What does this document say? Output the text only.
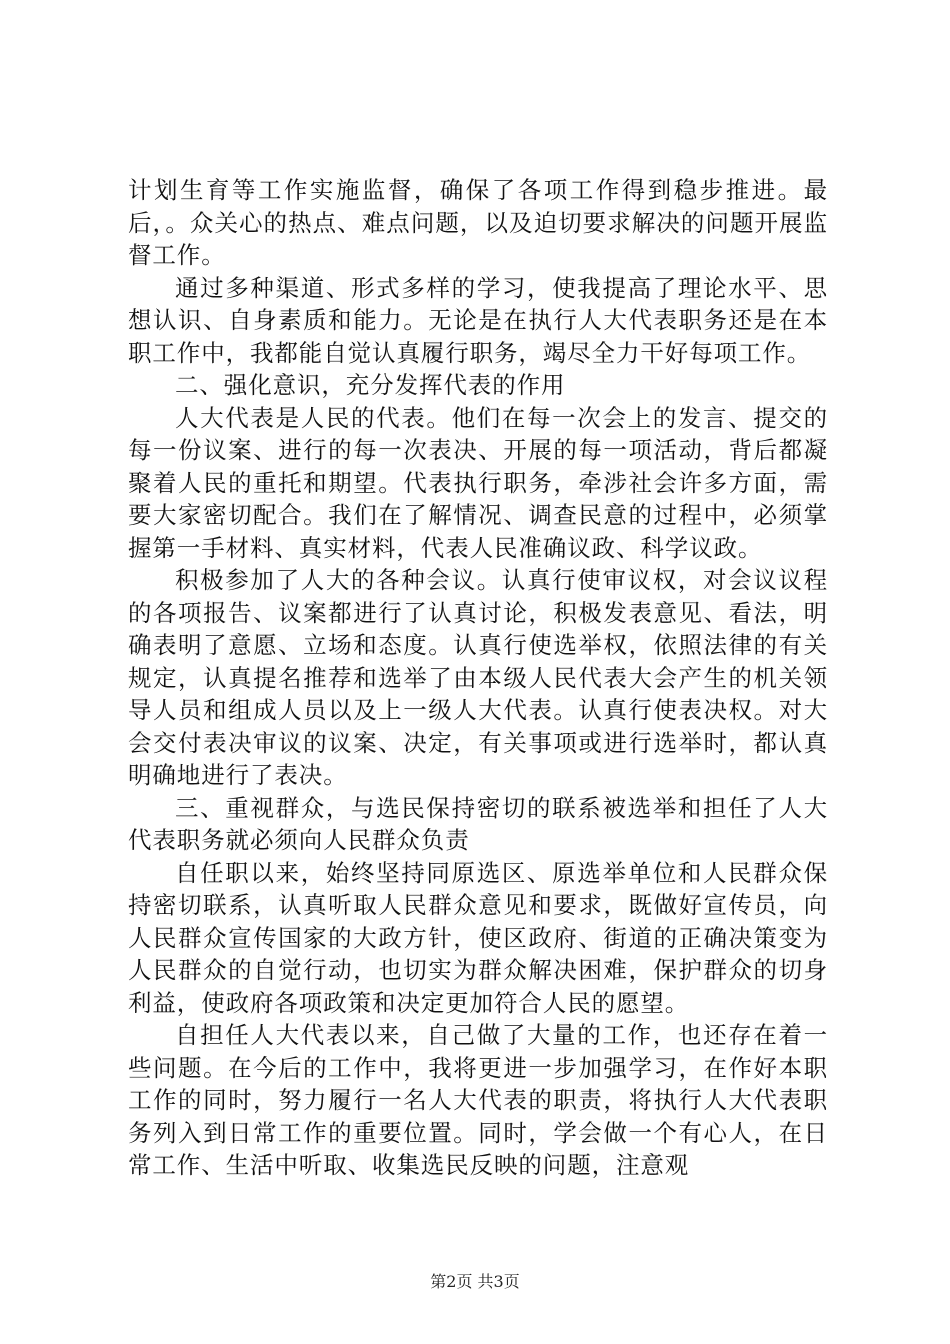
计划生育等工作实施监督，确保了各项工作得到稳步推进。最后，。众关心的热点、难点问题，以及迫切要求解决的问题开展监督工作。

通过多种渠道、形式多样的学习，使我提高了理论水平、思想认识、自身素质和能力。无论是在执行人大代表职务还是在本职工作中，我都能自觉认真履行职务，竭尽全力干好每项工作。

二、强化意识，充分发挥代表的作用

人大代表是人民的代表。他们在每一次会上的发言、提交的每一份议案、进行的每一次表决、开展的每一项活动，背后都凝聚着人民的重托和期望。代表执行职务，牵涉社会许多方面，需要大家密切配合。我们在了解情况、调查民意的过程中，必须掌握第一手材料、真实材料，代表人民准确议政、科学议政。

积极参加了人大的各种会议。认真行使审议权，对会议议程的各项报告、议案都进行了认真讨论，积极发表意见、看法，明确表明了意愿、立场和态度。认真行使选举权，依照法律的有关规定，认真提名推荐和选举了由本级人民代表大会产生的机关领导人员和组成人员以及上一级人大代表。认真行使表决权。对大会交付表决审议的议案、决定，有关事项或进行选举时，都认真明确地进行了表决。

三、重视群众，与选民保持密切的联系被选举和担任了人大代表职务就必须向人民群众负责

自任职以来，始终坚持同原选区、原选举单位和人民群众保持密切联系，认真听取人民群众意见和要求，既做好宣传员，向人民群众宣传国家的大政方针，使区政府、街道的正确决策变为人民群众的自觉行动，也切实为群众解决困难，保护群众的切身利益，使政府各项政策和决定更加符合人民的愿望。

自担任人大代表以来，自己做了大量的工作，也还存在着一些问题。在今后的工作中，我将更进一步加强学习，在作好本职工作的同时，努力履行一名人大代表的职责，将执行人大代表职务列入到日常工作的重要位置。同时，学会做一个有心人，在日常工作、生活中听取、收集选民反映的问题，注意观

第2页 共3页
